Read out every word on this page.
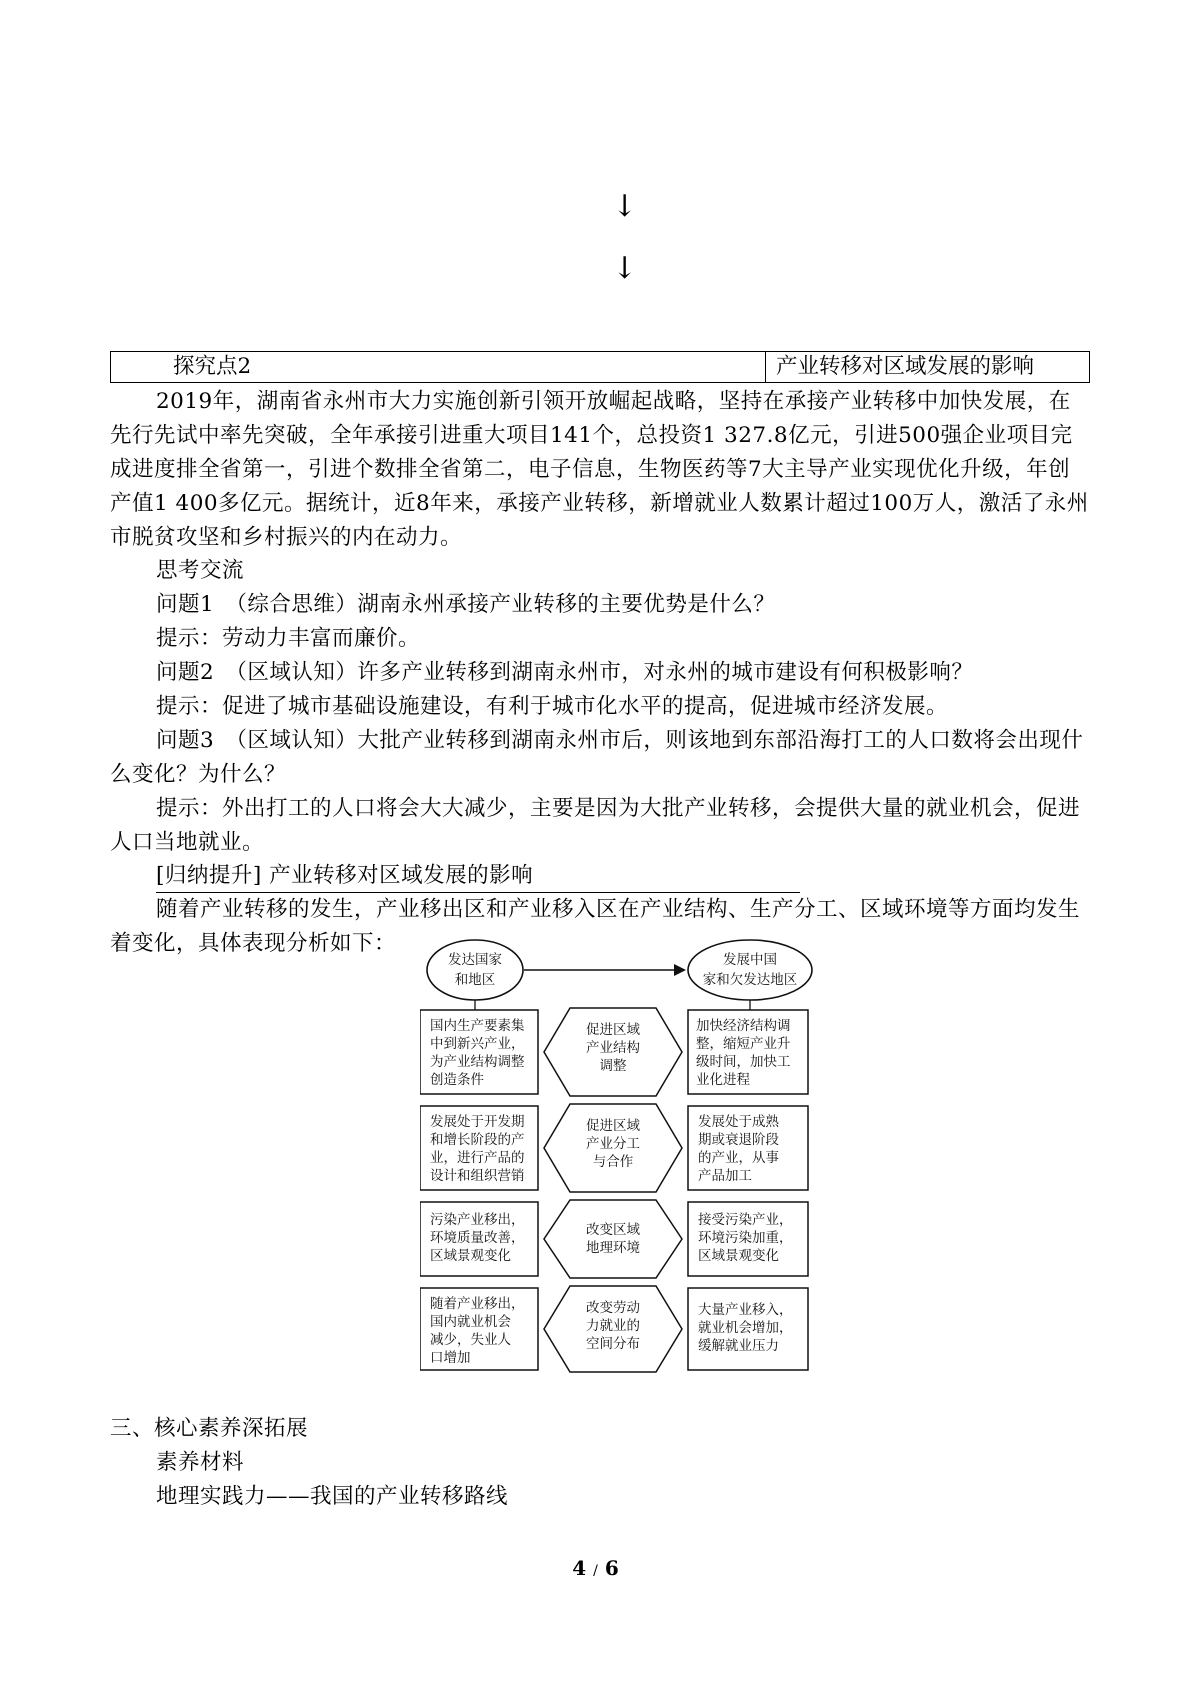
↓
↓
探究点2	产业转移对区域发展的影响

2019年，湖南省永州市大力实施创新引领开放崛起战略，坚持在承接产业转移中加快发展，在先行先试中率先突破，全年承接引进重大项目141个，总投资1 327.8亿元，引进500强企业项目完成进度排全省第一，引进个数排全省第二，电子信息，生物医药等7大主导产业实现优化升级，年创产值1 400多亿元。据统计，近8年来，承接产业转移，新增就业人数累计超过100万人，激活了永州市脱贫攻坚和乡村振兴的内在动力。

思考交流
问题1　（综合思维）湖南永州承接产业转移的主要优势是什么？
提示：劳动力丰富而廉价。
问题2　（区域认知）许多产业转移到湖南永州市，对永州的城市建设有何积极影响？
提示：促进了城市基础设施建设，有利于城市化水平的提高，促进城市经济发展。

问题3　（区域认知）大批产业转移到湖南永州市后，则该地到东部沿海打工的人口数将会出现什么变化？为什么？

提示：外出打工的人口将会大大减少，主要是因为大批产业转移，会提供大量的就业机会，促进人口当地就业。

[归纳提升] 产业转移对区域发展的影响

随着产业转移的发生，产业移出区和产业移入区在产业结构、生产分工、区域环境等方面均发生着变化，具体表现分析如下：

发达国家
和地区
发展中国
家和欠发达地区
国内生产要素集
中到新兴产业，
为产业结构调整
创造条件
促进区域
产业结构
调整
加快经济结构调
整，缩短产业升
级时间，加快工
业化进程
发展处于开发期
和增长阶段的产
业，进行产品的
设计和组织营销
促进区域
产业分工
与合作
发展处于成熟
期或衰退阶段
的产业，从事
产品加工
污染产业移出，
环境质量改善，
区域景观变化
改变区域
地理环境
接受污染产业，
环境污染加重，
区域景观变化
随着产业移出，
国内就业机会
减少，失业人
口增加
改变劳动
力就业的
空间分布
大量产业移入，
就业机会增加，
缓解就业压力
三、核心素养深拓展
素养材料
地理实践力——我国的产业转移路线
4 / 6
